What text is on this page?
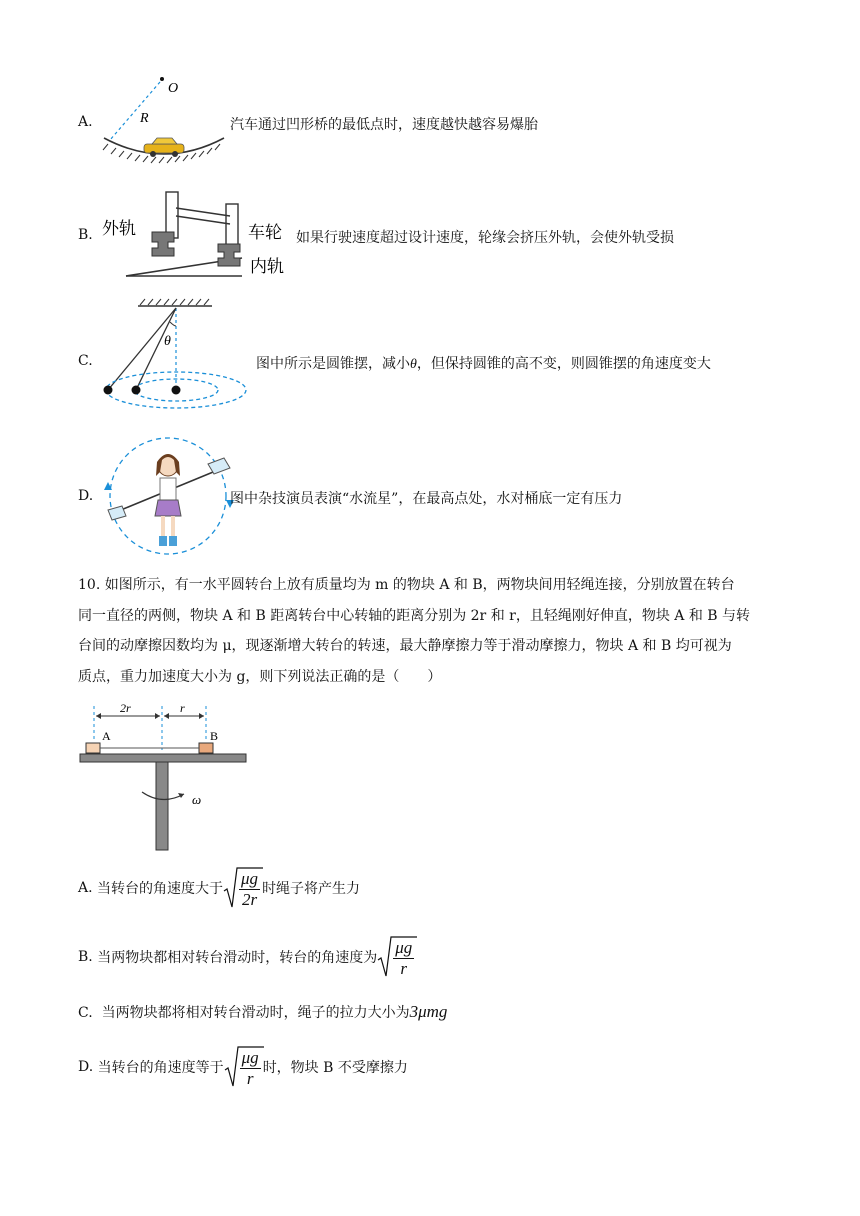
A.
O
R	汽车通过凹形桥的最低点时，速度越快越容易爆胎
B. 外轨	车轮
内轨
如果行驶速度超过设计速度，轮缘会挤压外轨，会使外轨受损
C.
θ
图中所示是圆锥摆，减小θ，但保持圆锥的高不变，则圆锥摆的角速度变大
D.	图中杂技演员表演“水流星”，在最高点处，水对桶底一定有压力
10. 如图所示，有一水平圆转台上放有质量均为 m 的物块 A 和 B，两物块间用轻绳连接，分别放置在转台
同一直径的两侧，物块 A 和 B 距离转台中心转轴的距离分别为 2r 和 r，且轻绳刚好伸直，物块 A 和 B 与转
台间的动摩擦因数均为 μ，现逐渐增大转台的转速，最大静摩擦力等于滑动摩擦力，物块 A 和 B 均可视为
质点，重力加速度大小为 g，则下列说法正确的是（　　）
2r	r
A	B
ω
A.
当转台的角速度大于 $\frac{\mu g}{2r}$ 时绳子将产生力
B.
当两物块都相对转台滑动时，转台的角速度为 $\frac{\mu g}{r}$
C. 当两物块都将相对转台滑动时，绳子的拉力大小为3μmg
D.
当转台的角速度等于 $\frac{\mu g}{r}$ 时，物块 B 不受摩擦力
